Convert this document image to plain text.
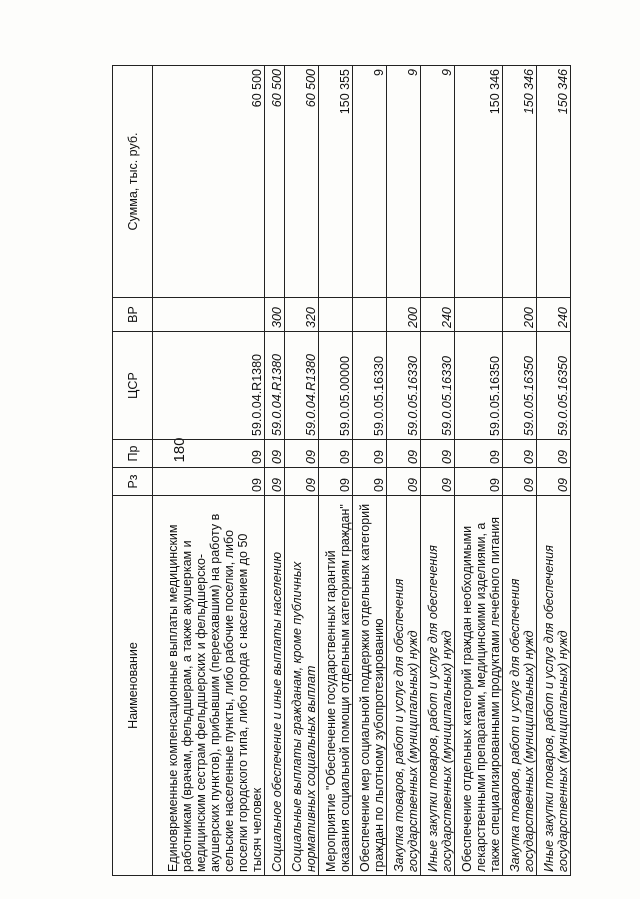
180
Наименование	Рз	Пр	ЦСР	ВР	Сумма, тыс. руб.
Единовременные компенсационные выплаты медицинским работникам (врачам, фельдшерам, а также акушеркам и медицинским сестрам фельдшерских и фельдшерско-акушерских пунктов), прибывшим (переехавшим) на работу в сельские населенные пункты, либо рабочие поселки, либо поселки городского типа, либо города с населением до 50 тысяч человек	09	09	59.0.04.R1380		60 500
Социальное обеспечение и иные выплаты населению	09	09	59.0.04.R1380	300	60 500
Социальные выплаты гражданам, кроме публичных нормативных социальных выплат	09	09	59.0.04.R1380	320	60 500
Мероприятие "Обеспечение государственных гарантий оказания социальной помощи отдельным категориям граждан"	09	09	59.0.05.00000		150 355
Обеспечение мер социальной поддержки отдельных категорий граждан по льготному зубопротезированию	09	09	59.0.05.16330		9
Закупка товаров, работ и услуг для обеспечения государственных (муниципальных) нужд	09	09	59.0.05.16330	200	9
Иные закупки товаров, работ и услуг для обеспечения государственных (муниципальных) нужд	09	09	59.0.05.16330	240	9
Обеспечение отдельных категорий граждан необходимыми лекарственными препаратами, медицинскими изделиями, а также специализированными продуктами лечебного питания	09	09	59.0.05.16350		150 346
Закупка товаров, работ и услуг для обеспечения государственных (муниципальных) нужд	09	09	59.0.05.16350	200	150 346
Иные закупки товаров, работ и услуг для обеспечения государственных (муниципальных) нужд	09	09	59.0.05.16350	240	150 346
